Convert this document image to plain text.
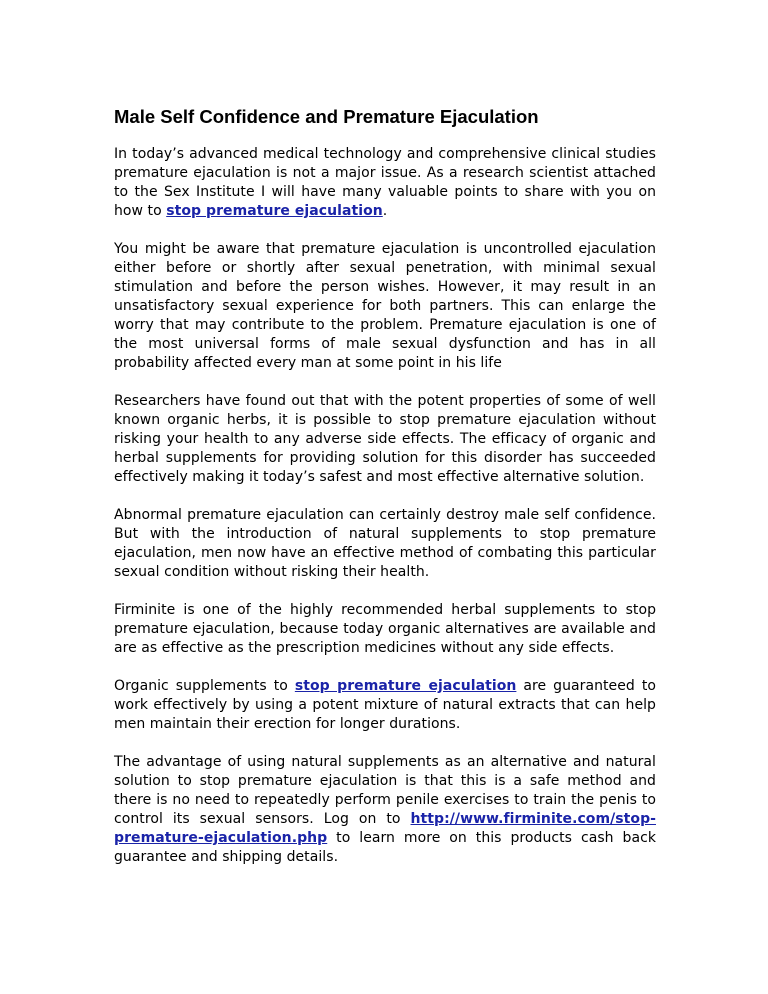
Male Self Confidence and Premature Ejaculation

In today’s advanced medical technology and comprehensive clinical studies premature ejaculation is not a major issue. As a research scientist attached to the Sex Institute I will have many valuable points to share with you on how to stop premature ejaculation.

You might be aware that premature ejaculation is uncontrolled ejaculation either before or shortly after sexual penetration, with minimal sexual stimulation and before the person wishes. However, it may result in an unsatisfactory sexual experience for both partners. This can enlarge the worry that may contribute to the problem. Premature ejaculation is one of the most universal forms of male sexual dysfunction and has in all probability affected every man at some point in his life

Researchers have found out that with the potent properties of some of well known organic herbs, it is possible to stop premature ejaculation without risking your health to any adverse side effects. The efficacy of organic and herbal supplements for providing solution for this disorder has succeeded effectively making it today’s safest and most effective alternative solution.

Abnormal premature ejaculation can certainly destroy male self confidence. But with the introduction of natural supplements to stop premature ejaculation, men now have an effective method of combating this particular sexual condition without risking their health.

Firminite is one of the highly recommended herbal supplements to stop premature ejaculation, because today organic alternatives are available and are as effective as the prescription medicines without any side effects.

Organic supplements to stop premature ejaculation are guaranteed to work effectively by using a potent mixture of natural extracts that can help men maintain their erection for longer durations.

The advantage of using natural supplements as an alternative and natural solution to stop premature ejaculation is that this is a safe method and there is no need to repeatedly perform penile exercises to train the penis to control its sexual sensors. Log on to http://www.firminite.com/stop-premature-ejaculation.php to learn more on this products cash back guarantee and shipping details.
